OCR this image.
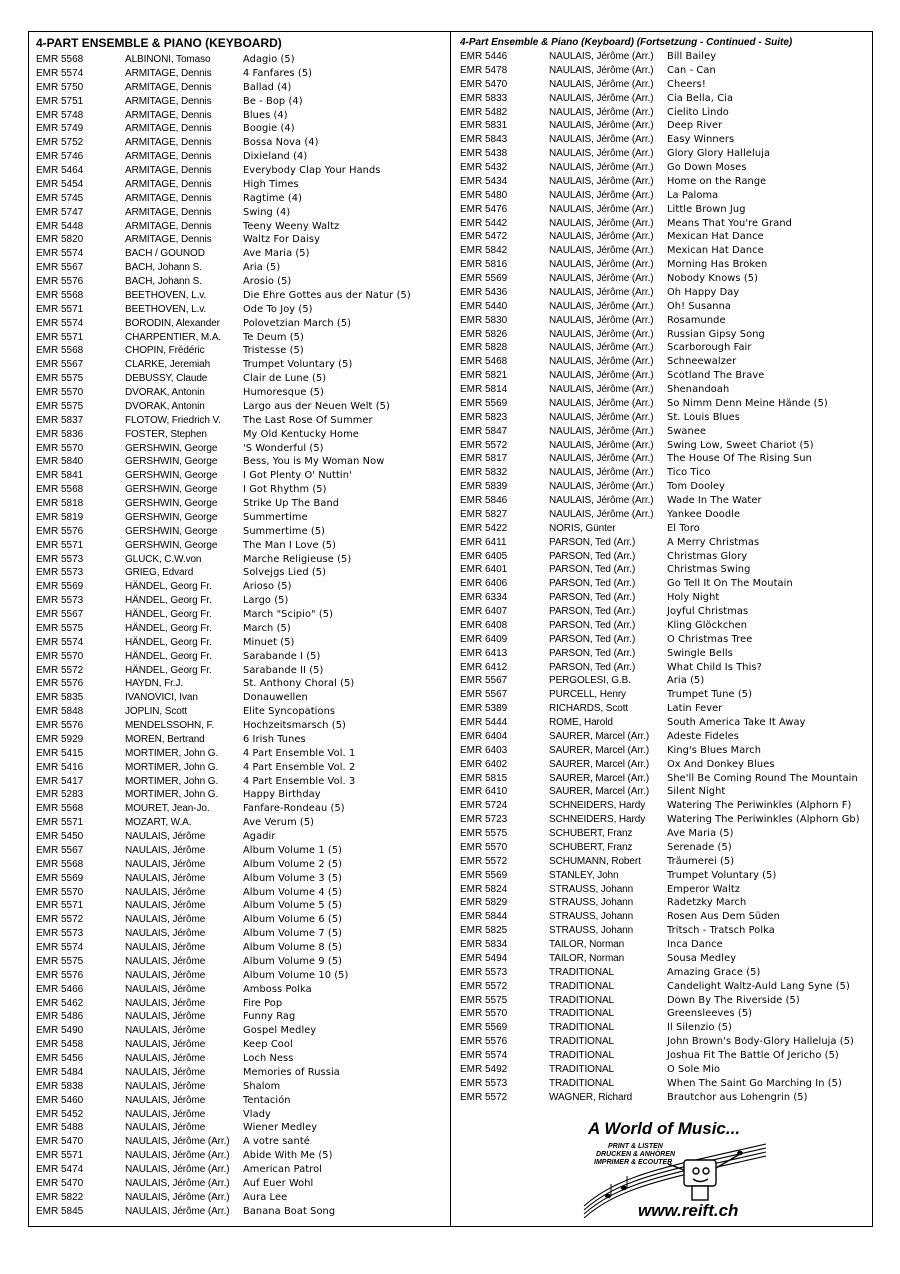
4-PART ENSEMBLE & PIANO (KEYBOARD)
EMR 5568	ALBINONI, Tomaso	Adagio (5)
EMR 5574	ARMITAGE, Dennis	4 Fanfares (5)
EMR 5750	ARMITAGE, Dennis	Ballad (4)
EMR 5751	ARMITAGE, Dennis	Be - Bop (4)
EMR 5748	ARMITAGE, Dennis	Blues (4)
EMR 5749	ARMITAGE, Dennis	Boogie (4)
EMR 5752	ARMITAGE, Dennis	Bossa Nova (4)
EMR 5746	ARMITAGE, Dennis	Dixieland (4)
EMR 5464	ARMITAGE, Dennis	Everybody Clap Your Hands
EMR 5454	ARMITAGE, Dennis	High Times
EMR 5745	ARMITAGE, Dennis	Ragtime (4)
EMR 5747	ARMITAGE, Dennis	Swing (4)
EMR 5448	ARMITAGE, Dennis	Teeny Weeny Waltz
EMR 5820	ARMITAGE, Dennis	Waltz For Daisy
EMR 5574	BACH / GOUNOD	Ave Maria (5)
EMR 5567	BACH, Johann S.	Aria (5)
EMR 5576	BACH, Johann S.	Arosio (5)
EMR 5568	BEETHOVEN, L.v.	Die Ehre Gottes aus der Natur (5)
EMR 5571	BEETHOVEN, L.v.	Ode To Joy (5)
EMR 5574	BORODIN, Alexander	Polovetzian March (5)
EMR 5571	CHARPENTIER, M.A.	Te Deum (5)
EMR 5568	CHOPIN, Frédéric	Tristesse (5)
EMR 5567	CLARKE, Jeremiah	Trumpet Voluntary (5)
EMR 5575	DEBUSSY, Claude	Clair de Lune (5)
EMR 5570	DVORAK, Antonin	Humoresque (5)
EMR 5575	DVORAK, Antonin	Largo aus der Neuen Welt (5)
EMR 5837	FLOTOW, Friedrich V.	The Last Rose Of Summer
EMR 5836	FOSTER, Stephen	My Old Kentucky Home
EMR 5570	GERSHWIN, George	'S Wonderful (5)
EMR 5840	GERSHWIN, George	Bess, You is My Woman Now
EMR 5841	GERSHWIN, George	I Got Plenty O' Nuttin'
EMR 5568	GERSHWIN, George	I Got Rhythm (5)
EMR 5818	GERSHWIN, George	Strike Up The Band
EMR 5819	GERSHWIN, George	Summertime
EMR 5576	GERSHWIN, George	Summertime (5)
EMR 5571	GERSHWIN, George	The Man I Love (5)
EMR 5573	GLUCK, C.W.von	Marche Religieuse (5)
EMR 5573	GRIEG, Edvard	Solvejgs Lied (5)
EMR 5569	HÄNDEL, Georg Fr.	Arioso (5)
EMR 5573	HÄNDEL, Georg Fr.	Largo (5)
EMR 5567	HÄNDEL, Georg Fr.	March "Scipio" (5)
EMR 5575	HÄNDEL, Georg Fr.	March (5)
EMR 5574	HÄNDEL, Georg Fr.	Minuet (5)
EMR 5570	HÄNDEL, Georg Fr.	Sarabande I (5)
EMR 5572	HÄNDEL, Georg Fr.	Sarabande II (5)
EMR 5576	HAYDN, Fr.J.	St. Anthony Choral (5)
EMR 5835	IVANOVICI, Ivan	Donauwellen
EMR 5848	JOPLIN, Scott	Elite Syncopations
EMR 5576	MENDELSSOHN, F.	Hochzeitsmarsch (5)
EMR 5929	MOREN, Bertrand	6 Irish Tunes
EMR 5415	MORTIMER, John G.	4 Part Ensemble Vol. 1
EMR 5416	MORTIMER, John G.	4 Part Ensemble Vol. 2
EMR 5417	MORTIMER, John G.	4 Part Ensemble Vol. 3
EMR 5283	MORTIMER, John G.	Happy Birthday
EMR 5568	MOURET, Jean-Jo.	Fanfare-Rondeau (5)
EMR 5571	MOZART, W.A.	Ave Verum (5)
EMR 5450	NAULAIS, Jérôme	Agadir
EMR 5567	NAULAIS, Jérôme	Album Volume 1 (5)
EMR 5568	NAULAIS, Jérôme	Album Volume 2 (5)
EMR 5569	NAULAIS, Jérôme	Album Volume 3 (5)
EMR 5570	NAULAIS, Jérôme	Album Volume 4 (5)
EMR 5571	NAULAIS, Jérôme	Album Volume 5 (5)
EMR 5572	NAULAIS, Jérôme	Album Volume 6 (5)
EMR 5573	NAULAIS, Jérôme	Album Volume 7 (5)
EMR 5574	NAULAIS, Jérôme	Album Volume 8 (5)
EMR 5575	NAULAIS, Jérôme	Album Volume 9 (5)
EMR 5576	NAULAIS, Jérôme	Album Volume 10 (5)
EMR 5466	NAULAIS, Jérôme	Amboss Polka
EMR 5462	NAULAIS, Jérôme	Fire Pop
EMR 5486	NAULAIS, Jérôme	Funny Rag
EMR 5490	NAULAIS, Jérôme	Gospel Medley
EMR 5458	NAULAIS, Jérôme	Keep Cool
EMR 5456	NAULAIS, Jérôme	Loch Ness
EMR 5484	NAULAIS, Jérôme	Memories of Russia
EMR 5838	NAULAIS, Jérôme	Shalom
EMR 5460	NAULAIS, Jérôme	Tentación
EMR 5452	NAULAIS, Jérôme	Vlady
EMR 5488	NAULAIS, Jérôme	Wiener Medley
EMR 5470	NAULAIS, Jérôme (Arr.)	A votre santé
EMR 5571	NAULAIS, Jérôme (Arr.)	Abide With Me (5)
EMR 5474	NAULAIS, Jérôme (Arr.)	American Patrol
EMR 5470	NAULAIS, Jérôme (Arr.)	Auf Euer Wohl
EMR 5822	NAULAIS, Jérôme (Arr.)	Aura Lee
EMR 5845	NAULAIS, Jérôme (Arr.)	Banana Boat Song
4-Part Ensemble & Piano (Keyboard) (Fortsetzung - Continued - Suite)
EMR 5446	NAULAIS, Jérôme (Arr.)	Bill Bailey
EMR 5478	NAULAIS, Jérôme (Arr.)	Can - Can
EMR 5470	NAULAIS, Jérôme (Arr.)	Cheers!
EMR 5833	NAULAIS, Jérôme (Arr.)	Cia Bella, Cia
EMR 5482	NAULAIS, Jérôme (Arr.)	Cielito Lindo
EMR 5831	NAULAIS, Jérôme (Arr.)	Deep River
EMR 5843	NAULAIS, Jérôme (Arr.)	Easy Winners
EMR 5438	NAULAIS, Jérôme (Arr.)	Glory Glory Halleluja
EMR 5432	NAULAIS, Jérôme (Arr.)	Go Down Moses
EMR 5434	NAULAIS, Jérôme (Arr.)	Home on the Range
EMR 5480	NAULAIS, Jérôme (Arr.)	La Paloma
EMR 5476	NAULAIS, Jérôme (Arr.)	Little Brown Jug
EMR 5442	NAULAIS, Jérôme (Arr.)	Means That You're Grand
EMR 5472	NAULAIS, Jérôme (Arr.)	Mexican Hat Dance
EMR 5842	NAULAIS, Jérôme (Arr.)	Mexican Hat Dance
EMR 5816	NAULAIS, Jérôme (Arr.)	Morning Has Broken
EMR 5569	NAULAIS, Jérôme (Arr.)	Nobody Knows (5)
EMR 5436	NAULAIS, Jérôme (Arr.)	Oh Happy Day
EMR 5440	NAULAIS, Jérôme (Arr.)	Oh! Susanna
EMR 5830	NAULAIS, Jérôme (Arr.)	Rosamunde
EMR 5826	NAULAIS, Jérôme (Arr.)	Russian Gipsy Song
EMR 5828	NAULAIS, Jérôme (Arr.)	Scarborough Fair
EMR 5468	NAULAIS, Jérôme (Arr.)	Schneewalzer
EMR 5821	NAULAIS, Jérôme (Arr.)	Scotland The Brave
EMR 5814	NAULAIS, Jérôme (Arr.)	Shenandoah
EMR 5569	NAULAIS, Jérôme (Arr.)	So Nimm Denn Meine Hände (5)
EMR 5823	NAULAIS, Jérôme (Arr.)	St. Louis Blues
EMR 5847	NAULAIS, Jérôme (Arr.)	Swanee
EMR 5572	NAULAIS, Jérôme (Arr.)	Swing Low, Sweet Chariot (5)
EMR 5817	NAULAIS, Jérôme (Arr.)	The House Of The Rising Sun
EMR 5832	NAULAIS, Jérôme (Arr.)	Tico Tico
EMR 5839	NAULAIS, Jérôme (Arr.)	Tom Dooley
EMR 5846	NAULAIS, Jérôme (Arr.)	Wade In The Water
EMR 5827	NAULAIS, Jérôme (Arr.)	Yankee Doodle
EMR 5422	NORIS, Günter	El Toro
EMR 6411	PARSON, Ted (Arr.)	A Merry Christmas
EMR 6405	PARSON, Ted (Arr.)	Christmas Glory
EMR 6401	PARSON, Ted (Arr.)	Christmas Swing
EMR 6406	PARSON, Ted (Arr.)	Go Tell It On The Moutain
EMR 6334	PARSON, Ted (Arr.)	Holy Night
EMR 6407	PARSON, Ted (Arr.)	Joyful Christmas
EMR 6408	PARSON, Ted (Arr.)	Kling Glöckchen
EMR 6409	PARSON, Ted (Arr.)	O Christmas Tree
EMR 6413	PARSON, Ted (Arr.)	Swingle Bells
EMR 6412	PARSON, Ted (Arr.)	What Child Is This?
EMR 5567	PERGOLESI, G.B.	Aria (5)
EMR 5567	PURCELL, Henry	Trumpet Tune (5)
EMR 5389	RICHARDS, Scott	Latin Fever
EMR 5444	ROME, Harold	South America Take It Away
EMR 6404	SAURER, Marcel (Arr.)	Adeste Fideles
EMR 6403	SAURER, Marcel (Arr.)	King's Blues March
EMR 6402	SAURER, Marcel (Arr.)	Ox And Donkey Blues
EMR 5815	SAURER, Marcel (Arr.)	She'll Be Coming Round The Mountain
EMR 6410	SAURER, Marcel (Arr.)	Silent Night
EMR 5724	SCHNEIDERS, Hardy	Watering The Periwinkles (Alphorn F)
EMR 5723	SCHNEIDERS, Hardy	Watering The Periwinkles (Alphorn Gb)
EMR 5575	SCHUBERT, Franz	Ave Maria (5)
EMR 5570	SCHUBERT, Franz	Serenade (5)
EMR 5572	SCHUMANN, Robert	Träumerei (5)
EMR 5569	STANLEY, John	Trumpet Voluntary (5)
EMR 5824	STRAUSS, Johann	Emperor Waltz
EMR 5829	STRAUSS, Johann	Radetzky March
EMR 5844	STRAUSS, Johann	Rosen Aus Dem Süden
EMR 5825	STRAUSS, Johann	Tritsch - Tratsch Polka
EMR 5834	TAILOR, Norman	Inca Dance
EMR 5494	TAILOR, Norman	Sousa Medley
EMR 5573	TRADITIONAL	Amazing Grace (5)
EMR 5572	TRADITIONAL	Candelight Waltz-Auld Lang Syne (5)
EMR 5575	TRADITIONAL	Down By The Riverside (5)
EMR 5570	TRADITIONAL	Greensleeves (5)
EMR 5569	TRADITIONAL	Il Silenzio (5)
EMR 5576	TRADITIONAL	John Brown's Body-Glory Halleluja (5)
EMR 5574	TRADITIONAL	Joshua Fit The Battle Of Jericho (5)
EMR 5492	TRADITIONAL	O Sole Mio
EMR 5573	TRADITIONAL	When The Saint Go Marching In (5)
EMR 5572	WAGNER, Richard	Brautchor aus Lohengrin (5)
A World of Music...
PRINT & LISTEN
DRUCKEN & ANHÖREN
IMPRIMER & ECOUTER
www.reift.ch
